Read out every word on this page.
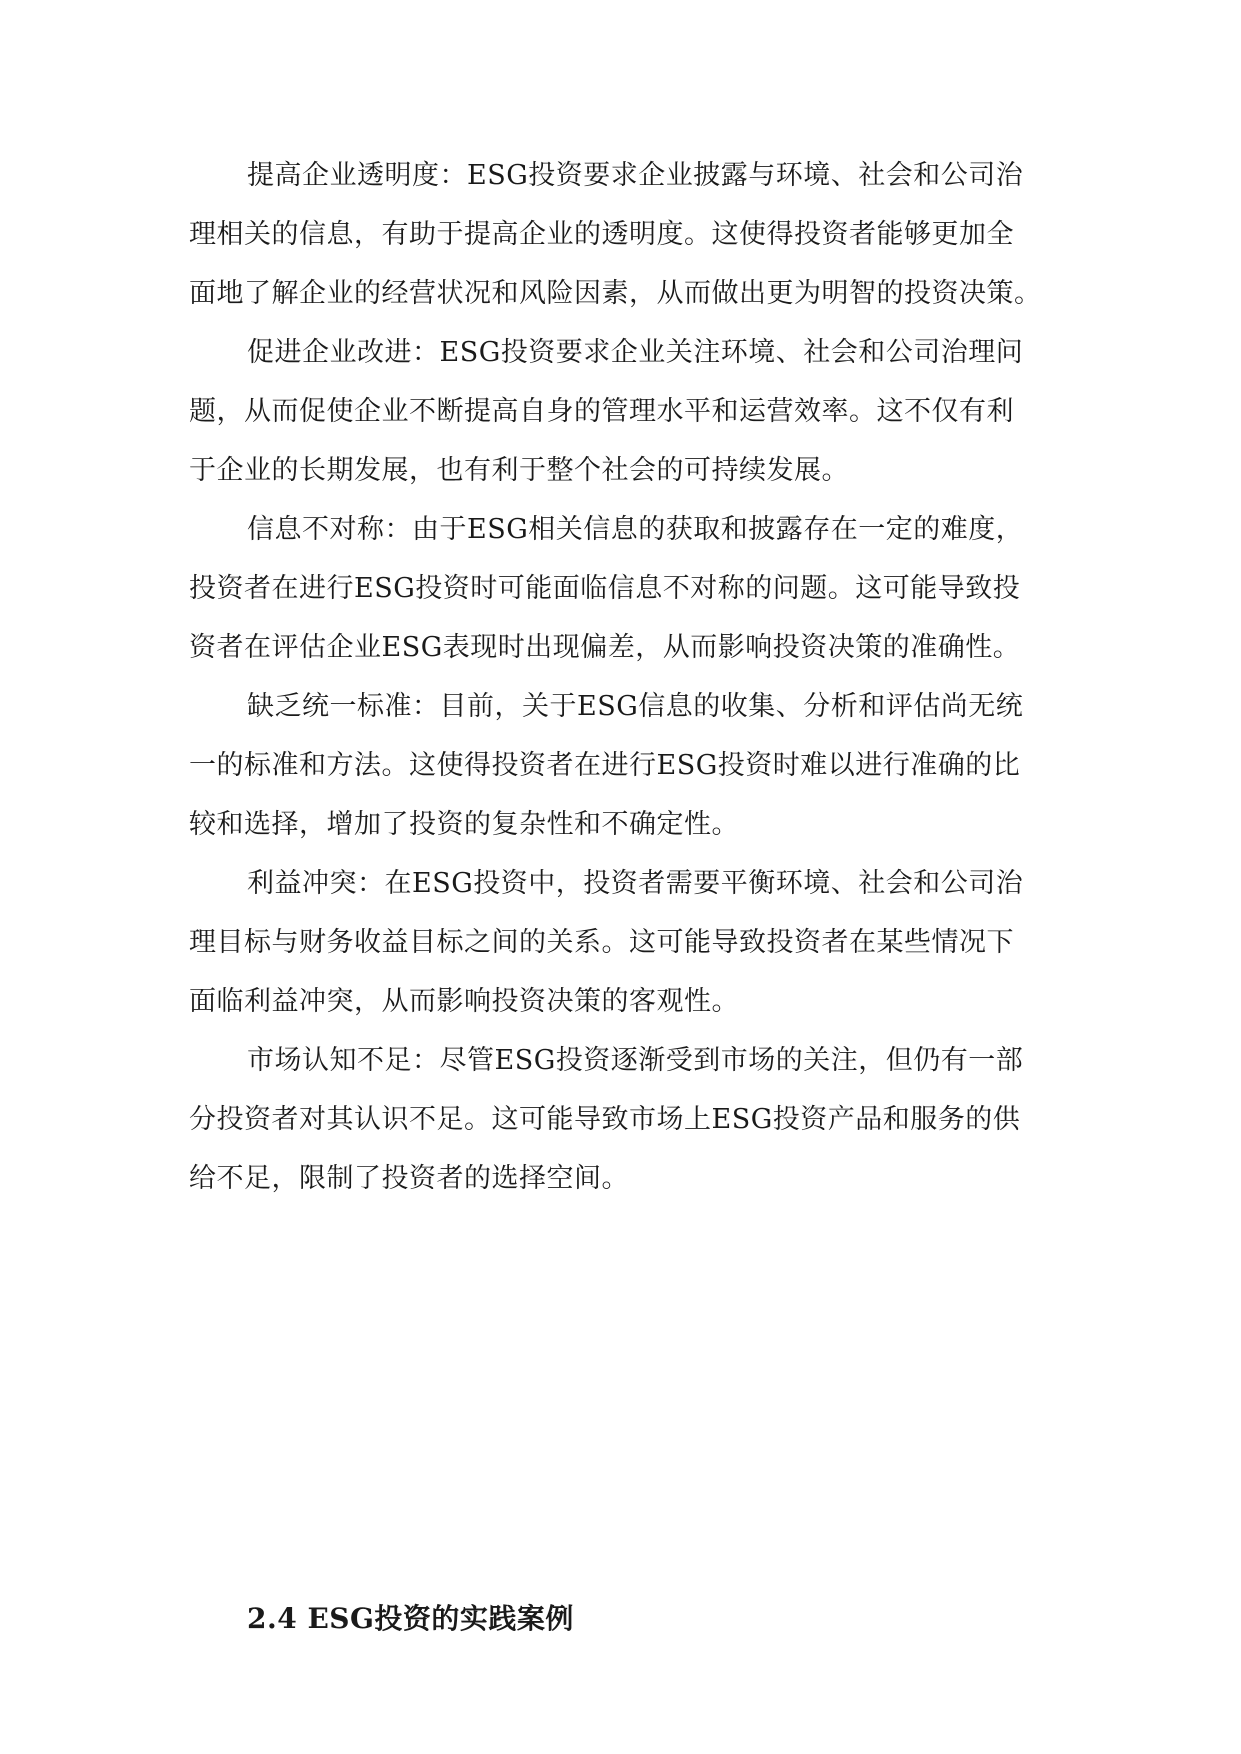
提高企业透明度：ESG投资要求企业披露与环境、社会和公司治
理相关的信息，有助于提高企业的透明度。这使得投资者能够更加全
面地了解企业的经营状况和风险因素，从而做出更为明智的投资决策。
促进企业改进：ESG投资要求企业关注环境、社会和公司治理问
题，从而促使企业不断提高自身的管理水平和运营效率。这不仅有利
于企业的长期发展，也有利于整个社会的可持续发展。
信息不对称：由于ESG相关信息的获取和披露存在一定的难度，
投资者在进行ESG投资时可能面临信息不对称的问题。这可能导致投
资者在评估企业ESG表现时出现偏差，从而影响投资决策的准确性。
缺乏统一标准：目前，关于ESG信息的收集、分析和评估尚无统
一的标准和方法。这使得投资者在进行ESG投资时难以进行准确的比
较和选择，增加了投资的复杂性和不确定性。
利益冲突：在ESG投资中，投资者需要平衡环境、社会和公司治
理目标与财务收益目标之间的关系。这可能导致投资者在某些情况下
面临利益冲突，从而影响投资决策的客观性。
市场认知不足：尽管ESG投资逐渐受到市场的关注，但仍有一部
分投资者对其认识不足。这可能导致市场上ESG投资产品和服务的供
给不足，限制了投资者的选择空间。
2.4 ESG投资的实践案例
